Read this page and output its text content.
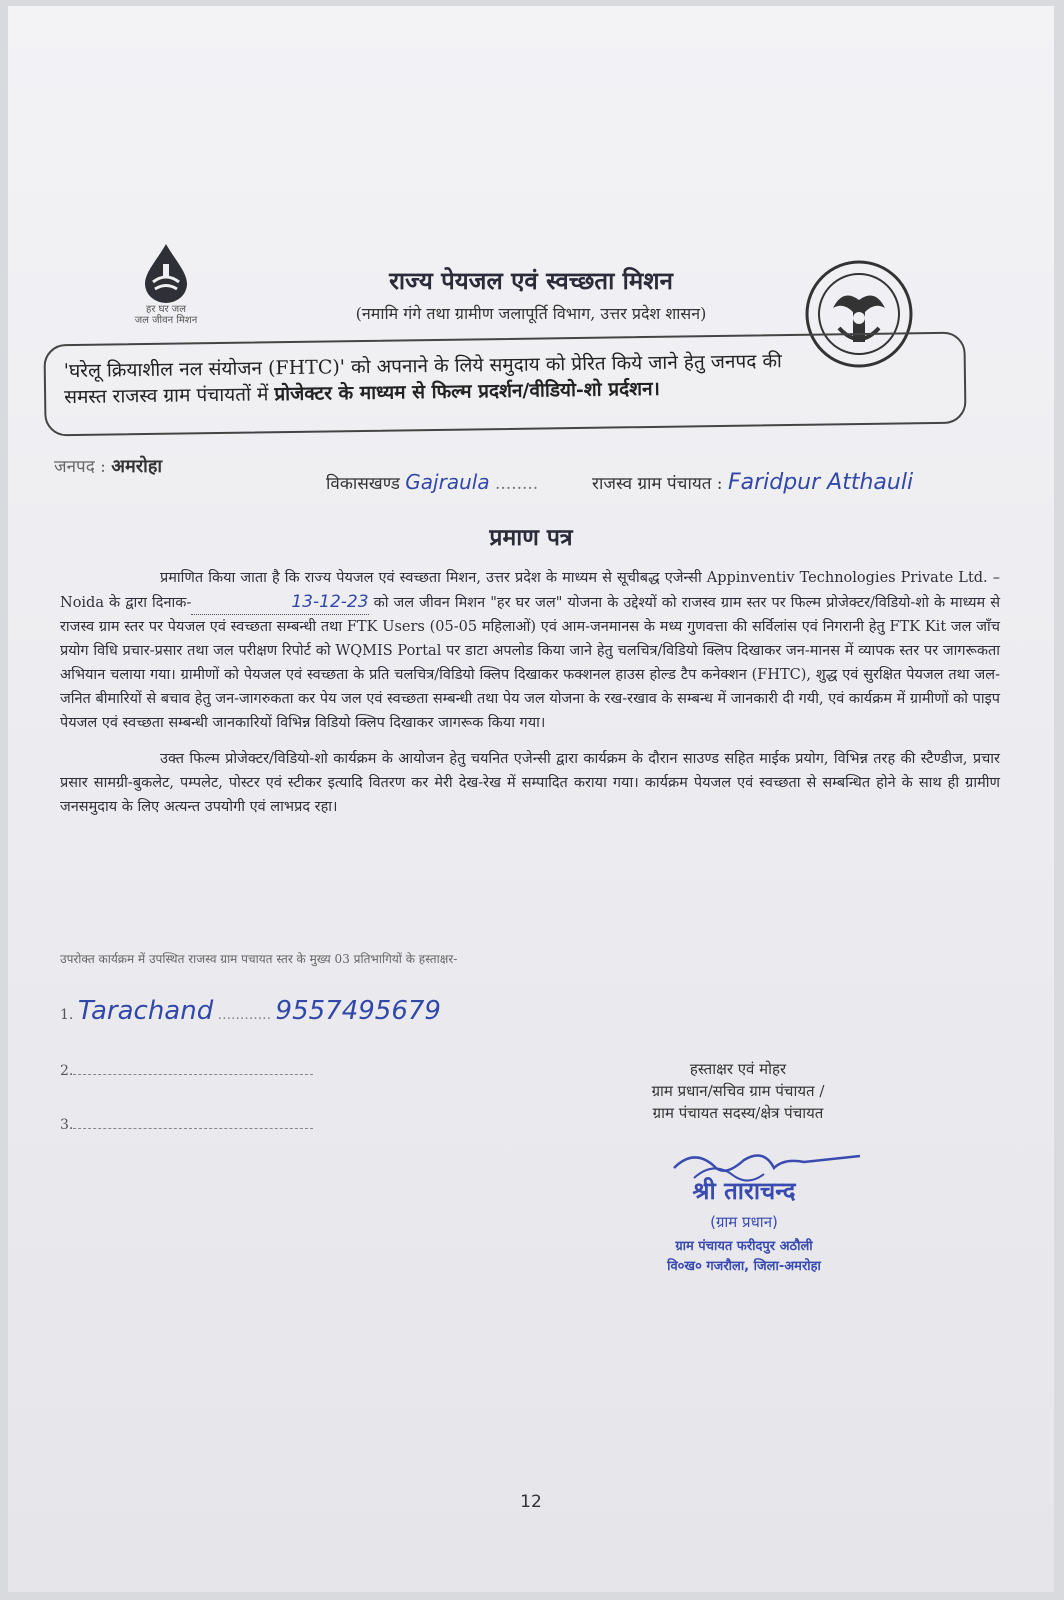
हर घर जल
जल जीवन मिशन
राज्य पेयजल एवं स्वच्छता मिशन
(नमामि गंगे तथा ग्रामीण जलापूर्ति विभाग, उत्तर प्रदेश शासन)
'घरेलू क्रियाशील नल संयोजन (FHTC)' को अपनाने के लिये समुदाय को प्रेरित किये जाने हेतु जनपद की
समस्त राजस्व ग्राम पंचायतों में प्रोजेक्टर के माध्यम से फिल्म प्रदर्शन/वीडियो-शो प्रर्दशन।
जनपद : अमरोहा
विकासखण्ड Gajraula ........	राजस्व ग्राम पंचायत : Faridpur Atthauli
प्रमाण पत्र

प्रमाणित किया जाता है कि राज्य पेयजल एवं स्वच्छता मिशन, उत्तर प्रदेश के माध्यम से सूचीबद्ध एजेन्सी Appinventiv Technologies Private Ltd. – Noida के द्वारा दिनाक-	13-12-23 को जल जीवन मिशन "हर घर जल" योजना के उद्देश्यों को राजस्व ग्राम स्तर पर फिल्म प्रोजेक्टर/विडियो-शो के माध्यम से राजस्व ग्राम स्तर पर पेयजल एवं स्वच्छता सम्बन्धी तथा FTK Users (05-05 महिलाओं) एवं आम-जनमानस के मध्य गुणवत्ता की सर्विलांस एवं निगरानी हेतु FTK Kit जल जाँच प्रयोग विधि प्रचार-प्रसार तथा जल परीक्षण रिपोर्ट को WQMIS Portal पर डाटा अपलोड किया जाने हेतु चलचित्र/विडियो क्लिप दिखाकर जन-मानस में व्यापक स्तर पर जागरूकता अभियान चलाया गया। ग्रामीणों को पेयजल एवं स्वच्छता के प्रति चलचित्र/विडियो क्लिप दिखाकर फक्शनल हाउस होल्ड टैप कनेक्शन (FHTC), शुद्ध एवं सुरक्षित पेयजल तथा जल-जनित बीमारियों से बचाव हेतु जन-जागरुकता कर पेय जल एवं स्वच्छता सम्बन्धी तथा पेय जल योजना के रख-रखाव के सम्बन्ध में जानकारी दी गयी, एवं कार्यक्रम में ग्रामीणों को पाइप पेयजल एवं स्वच्छता सम्बन्धी जानकारियों विभिन्न विडियो क्लिप दिखाकर जागरूक किया गया।

उक्त फिल्म प्रोजेक्टर/विडियो-शो कार्यक्रम के आयोजन हेतु चयनित एजेन्सी द्वारा कार्यक्रम के दौरान साउण्ड सहित माईक प्रयोग, विभिन्न तरह की स्टैण्डीज, प्रचार प्रसार सामग्री-बुकलेट, पम्पलेट, पोस्टर एवं स्टीकर इत्यादि वितरण कर मेरी देख-रेख में सम्पादित कराया गया। कार्यक्रम पेयजल एवं स्वच्छता से सम्बन्धित होने के साथ ही ग्रामीण जनसमुदाय के लिए अत्यन्त उपयोगी एवं लाभप्रद रहा।

उपरोक्त कार्यक्रम में उपस्थित राजस्व ग्राम पचायत स्तर के मुख्य 03 प्रतिभागियों के हस्ताक्षर-
1. Tarachand ............ 9557495679
2.
3.
हस्ताक्षर एवं मोहर
ग्राम प्रधान/सचिव ग्राम पंचायत /
ग्राम पंचायत सदस्य/क्षेत्र पंचायत
श्री ताराचन्द
(ग्राम प्रधान)
ग्राम पंचायत फरीदपुर अठौली
वि०ख० गजरौला, जिला-अमरोहा
12
